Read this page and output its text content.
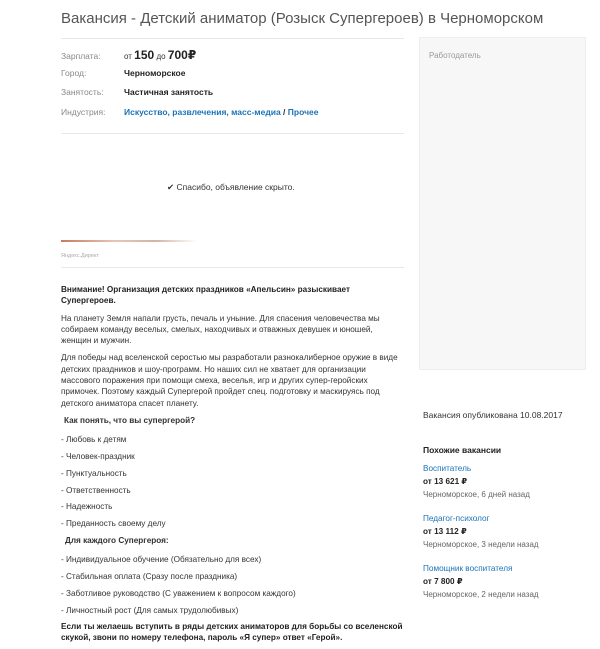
Вакансия - Детский аниматор (Розыск Супергероев) в Черноморском
Зарплата:	от 150 до 700₽
Город:	Черноморское
Занятость:	Частичная занятость
Индустрия:	Искусство, развлечения, масс-медиа / Прочее
✔ Спасибо, объявление скрыто.
Яндекс.Директ

Внимание! Организация детских праздников «Апельсин» разыскивает Супергероев.

На планету Земля напали грусть, печаль и уныние. Для спасения человечества мы собираем команду веселых, смелых, находчивых и отважных девушек и юношей, женщин и мужчин.

Для победы над вселенской серостью мы разработали разнокалиберное оружие в виде детских праздников и шоу-программ. Но наших сил не хватает для организации массового поражения при помощи смеха, веселья, игр и других супер-геройских примочек. Поэтому каждый Супергерой пройдет спец. подготовку и маскируясь под детского аниматора спасет планету.

Как понять, что вы супергерой?
- Любовь к детям
- Человек-праздник
- Пунктуальность
- Ответственность
- Надежность
- Преданность своему делу
Для каждого Супергероя:
- Индивидуальное обучение (Обязательно для всех)
- Стабильная оплата (Сразу после праздника)
- Заботливое руководство (С уважением к вопросом каждого)
- Личностный рост (Для самых трудолюбивых)

Если ты желаешь вступить в ряды детских аниматоров для борьбы со вселенской скукой, звони по номеру телефона, пароль «Я супер» ответ «Герой».

Работодатель
Вакансия опубликована 10.08.2017
Похожие вакансии
Воспитатель
от 13 621 ₽
Черноморское, 6 дней назад
Педагог-психолог
от 13 112 ₽
Черноморское, 3 недели назад
Помощник воспитателя
от 7 800 ₽
Черноморское, 2 недели назад
